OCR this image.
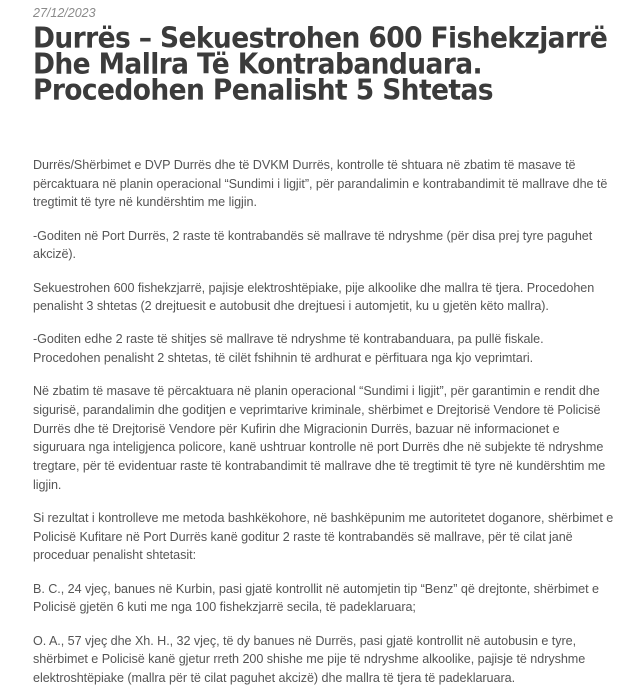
27/12/2023
Durrës – Sekuestrohen 600 Fishekzjarrë Dhe Mallra Të Kontrabanduara. Procedohen Penalisht 5 Shtetas

Durrës/Shërbimet e DVP Durrës dhe të DVKM Durrës, kontrolle të shtuara në zbatim të masave të përcaktuara në planin operacional “Sundimi i ligjit”, për parandalimin e kontrabandimit të mallrave dhe të tregtimit të tyre në kundërshtim me ligjin.

-Goditen në Port Durrës, 2 raste të kontrabandës së mallrave të ndryshme (për disa prej tyre paguhet akcizë).

Sekuestrohen 600 fishekzjarrë, pajisje elektroshtëpiake, pije alkoolike dhe mallra të tjera. Procedohen penalisht 3 shtetas (2 drejtuesit e autobusit dhe drejtuesi i automjetit, ku u gjetën këto mallra).

-Goditen edhe 2 raste të shitjes së mallrave të ndryshme të kontrabanduara, pa pullë fiskale. Procedohen penalisht 2 shtetas, të cilët fshihnin të ardhurat e përfituara nga kjo veprimtari.

Në zbatim të masave të përcaktuara në planin operacional “Sundimi i ligjit”, për garantimin e rendit dhe sigurisë, parandalimin dhe goditjen e veprimtarive kriminale, shërbimet e Drejtorisë Vendore të Policisë Durrës dhe të Drejtorisë Vendore për Kufirin dhe Migracionin Durrës, bazuar në informacionet e siguruara nga inteligjenca policore, kanë ushtruar kontrolle në port Durrës dhe në subjekte të ndryshme tregtare, për të evidentuar raste të kontrabandimit të mallrave dhe të tregtimit të tyre në kundërshtim me ligjin.

Si rezultat i kontrolleve me metoda bashkëkohore, në bashkëpunim me autoritetet doganore, shërbimet e Policisë Kufitare në Port Durrës kanë goditur 2 raste të kontrabandës së mallrave, për të cilat janë proceduar penalisht shtetasit:

B. C., 24 vjeç, banues në Kurbin, pasi gjatë kontrollit në automjetin tip “Benz” që drejtonte, shërbimet e Policisë gjetën 6 kuti me nga 100 fishekzjarrë secila, të padeklaruara;

O. A., 57 vjeç dhe Xh. H., 32 vjeç, të dy banues në Durrës, pasi gjatë kontrollit në autobusin e tyre, shërbimet e Policisë kanë gjetur rreth 200 shishe me pije të ndryshme alkoolike, pajisje të ndryshme elektroshtëpiake (mallra për të cilat paguhet akcizë) dhe mallra të tjera të padeklaruara.
